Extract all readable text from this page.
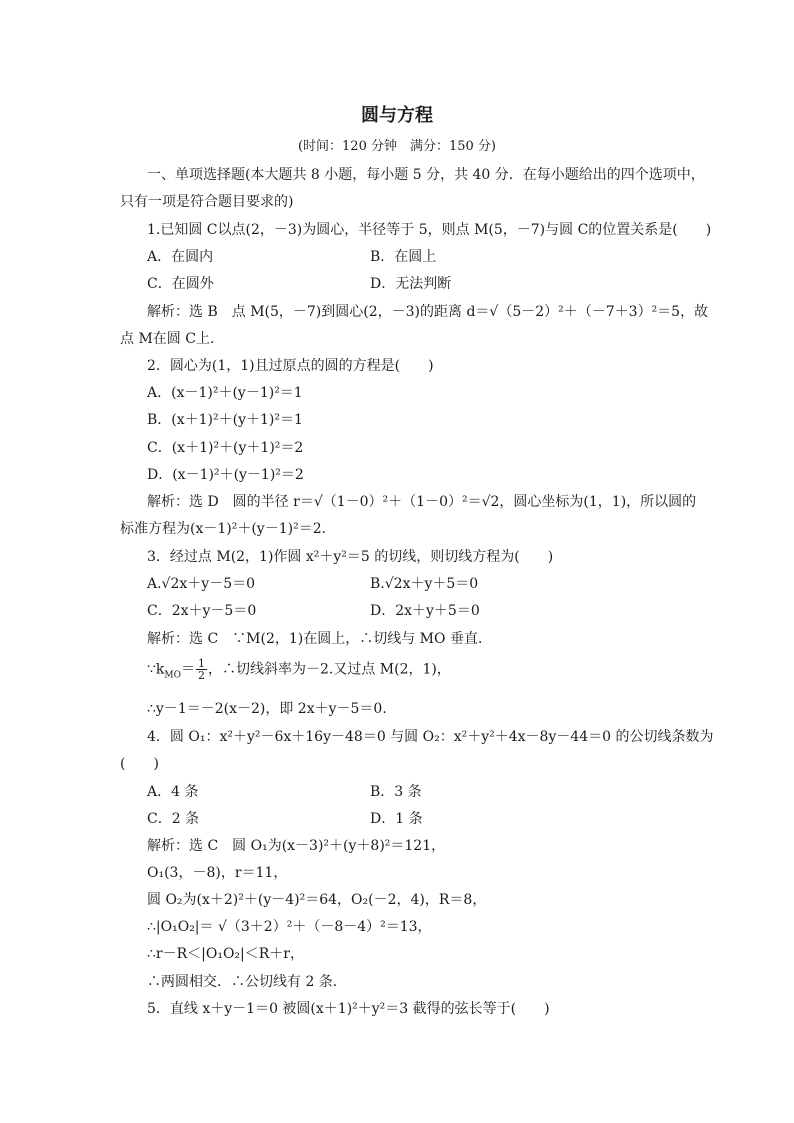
圆与方程
(时间：120 分钟　满分：150 分)
一、单项选择题(本大题共 8 小题，每小题 5 分，共 40 分．在每小题给出的四个选项中，
只有一项是符合题目要求的)
1.已知圆 C以点(2，－3)为圆心，半径等于 5，则点 M(5，－7)与圆 C的位置关系是(　　)
A．在圆内	B．在圆上
C．在圆外	D．无法判断
解析：选 B　点 M(5，－7)到圆心(2，－3)的距离 d＝√（5－2）²＋（－7＋3）²＝5，故
点 M在圆 C上．
2．圆心为(1，1)且过原点的圆的方程是(　　)
A．(x－1)²＋(y－1)²＝1
B．(x＋1)²＋(y＋1)²＝1
C．(x＋1)²＋(y＋1)²＝2
D．(x－1)²＋(y－1)²＝2
解析：选 D　圆的半径 r＝√（1－0）²＋（1－0）²＝√2，圆心坐标为(1，1)，所以圆的
标准方程为(x－1)²＋(y－1)²＝2.
3．经过点 M(2，1)作圆 x²＋y²＝5 的切线，则切线方程为(　　)
A.√2x＋y－5＝0	B.√2x＋y＋5＝0
C．2x＋y－5＝0	D．2x＋y＋5＝0
解析：选 C　∵M(2，1)在圆上，∴切线与 MO 垂直．
$\because k_{MO}= \frac{1}{2}$ ，∴切线斜率为－2.又过点 M(2，1)，
∴y－1＝－2(x－2)，即 2x＋y－5＝0.
4．圆 O₁：x²＋y²－6x＋16y－48＝0 与圆 O₂：x²＋y²＋4x－8y－44＝0 的公切线条数为
(　　)
A．4 条	B．3 条
C．2 条	D．1 条
解析：选 C　圆 O₁为(x－3)²＋(y＋8)²＝121，
O₁(3，－8)，r＝11，
圆 O₂为(x＋2)²＋(y－4)²＝64，O₂(－2，4)，R＝8，
∴|O₁O₂|＝ √（3＋2）²＋（－8－4）²＝13，
∴r－R＜|O₁O₂|＜R＋r，
∴两圆相交．∴公切线有 2 条．
5．直线 x＋y－1＝0 被圆(x＋1)²＋y²＝3 截得的弦长等于(　　)
